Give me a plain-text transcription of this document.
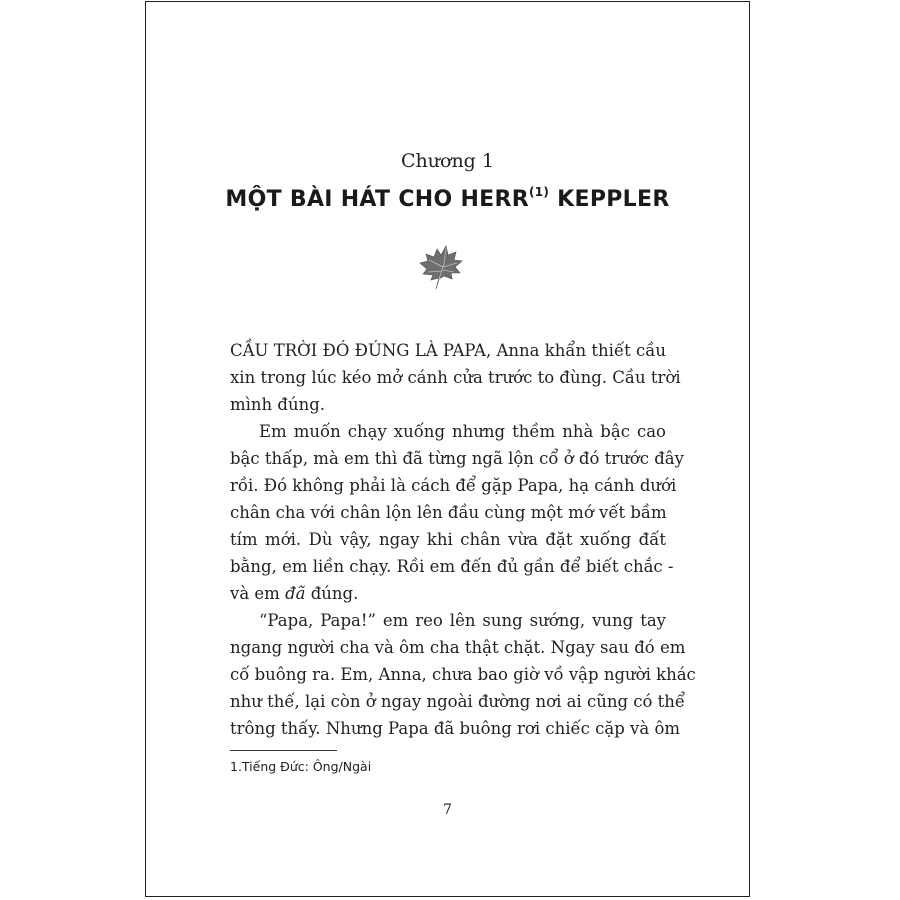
Chương 1
MỘT BÀI HÁT CHO HERR$^{(1)}$ KEPPLER

CẦU TRỜI ĐÓ ĐÚNG LÀ PAPA, Anna khẩn thiết cầu
xin trong lúc kéo mở cánh cửa trước to đùng. Cầu trời
mình đúng.

Em muốn chạy xuống nhưng thềm nhà bậc cao
bậc thấp, mà em thì đã từng ngã lộn cổ ở đó trước đây
rồi. Đó không phải là cách để gặp Papa, hạ cánh dưới
chân cha với chân lộn lên đầu cùng một mớ vết bầm
tím mới. Dù vậy, ngay khi chân vừa đặt xuống đất
bằng, em liền chạy. Rồi em đến đủ gần để biết chắc -
và em đã đúng.

“Papa, Papa!” em reo lên sung sướng, vung tay
ngang người cha và ôm cha thật chặt. Ngay sau đó em
cố buông ra. Em, Anna, chưa bao giờ vồ vập người khác
như thế, lại còn ở ngay ngoài đường nơi ai cũng có thể
trông thấy. Nhưng Papa đã buông rơi chiếc cặp và ôm

1.Tiếng Đức: Ông/Ngài
7
